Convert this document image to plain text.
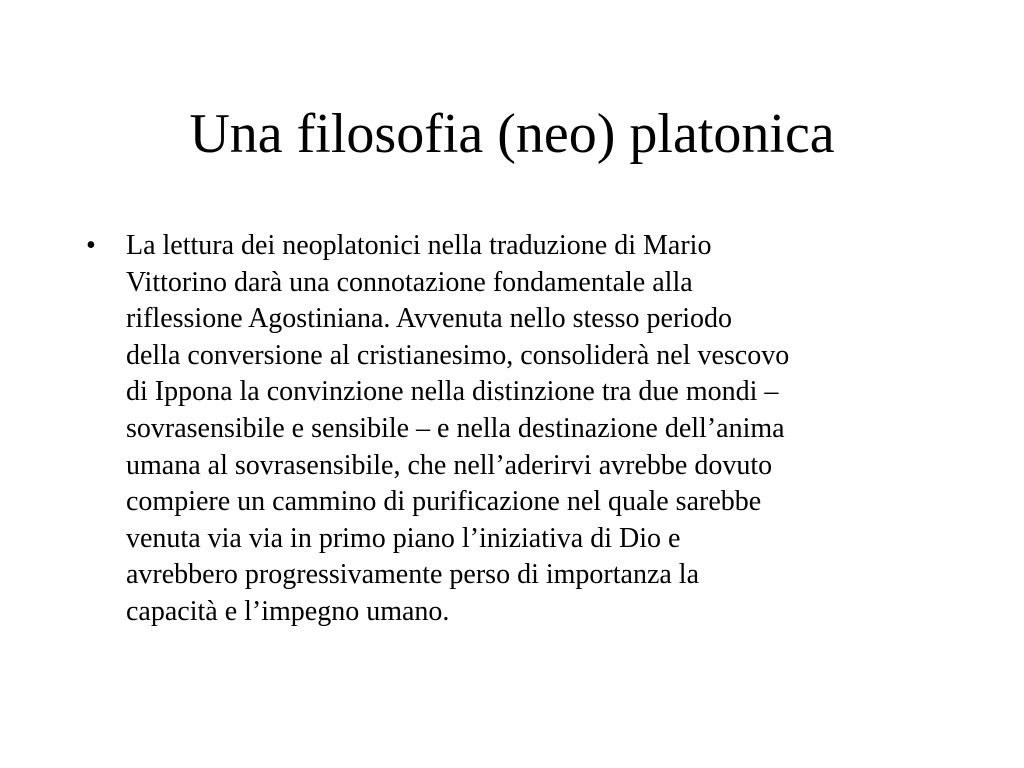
Una filosofia (neo) platonica
•	La lettura dei neoplatonici nella traduzione di Mario
Vittorino darà una connotazione fondamentale alla
riflessione Agostiniana. Avvenuta nello stesso periodo
della conversione al cristianesimo, consoliderà nel vescovo
di Ippona la convinzione nella distinzione tra due mondi –
sovrasensibile e sensibile – e nella destinazione dell’anima
umana al sovrasensibile, che nell’aderirvi avrebbe dovuto
compiere un cammino di purificazione nel quale sarebbe
venuta via via in primo piano l’iniziativa di Dio e
avrebbero progressivamente perso di importanza la
capacità e l’impegno umano.
